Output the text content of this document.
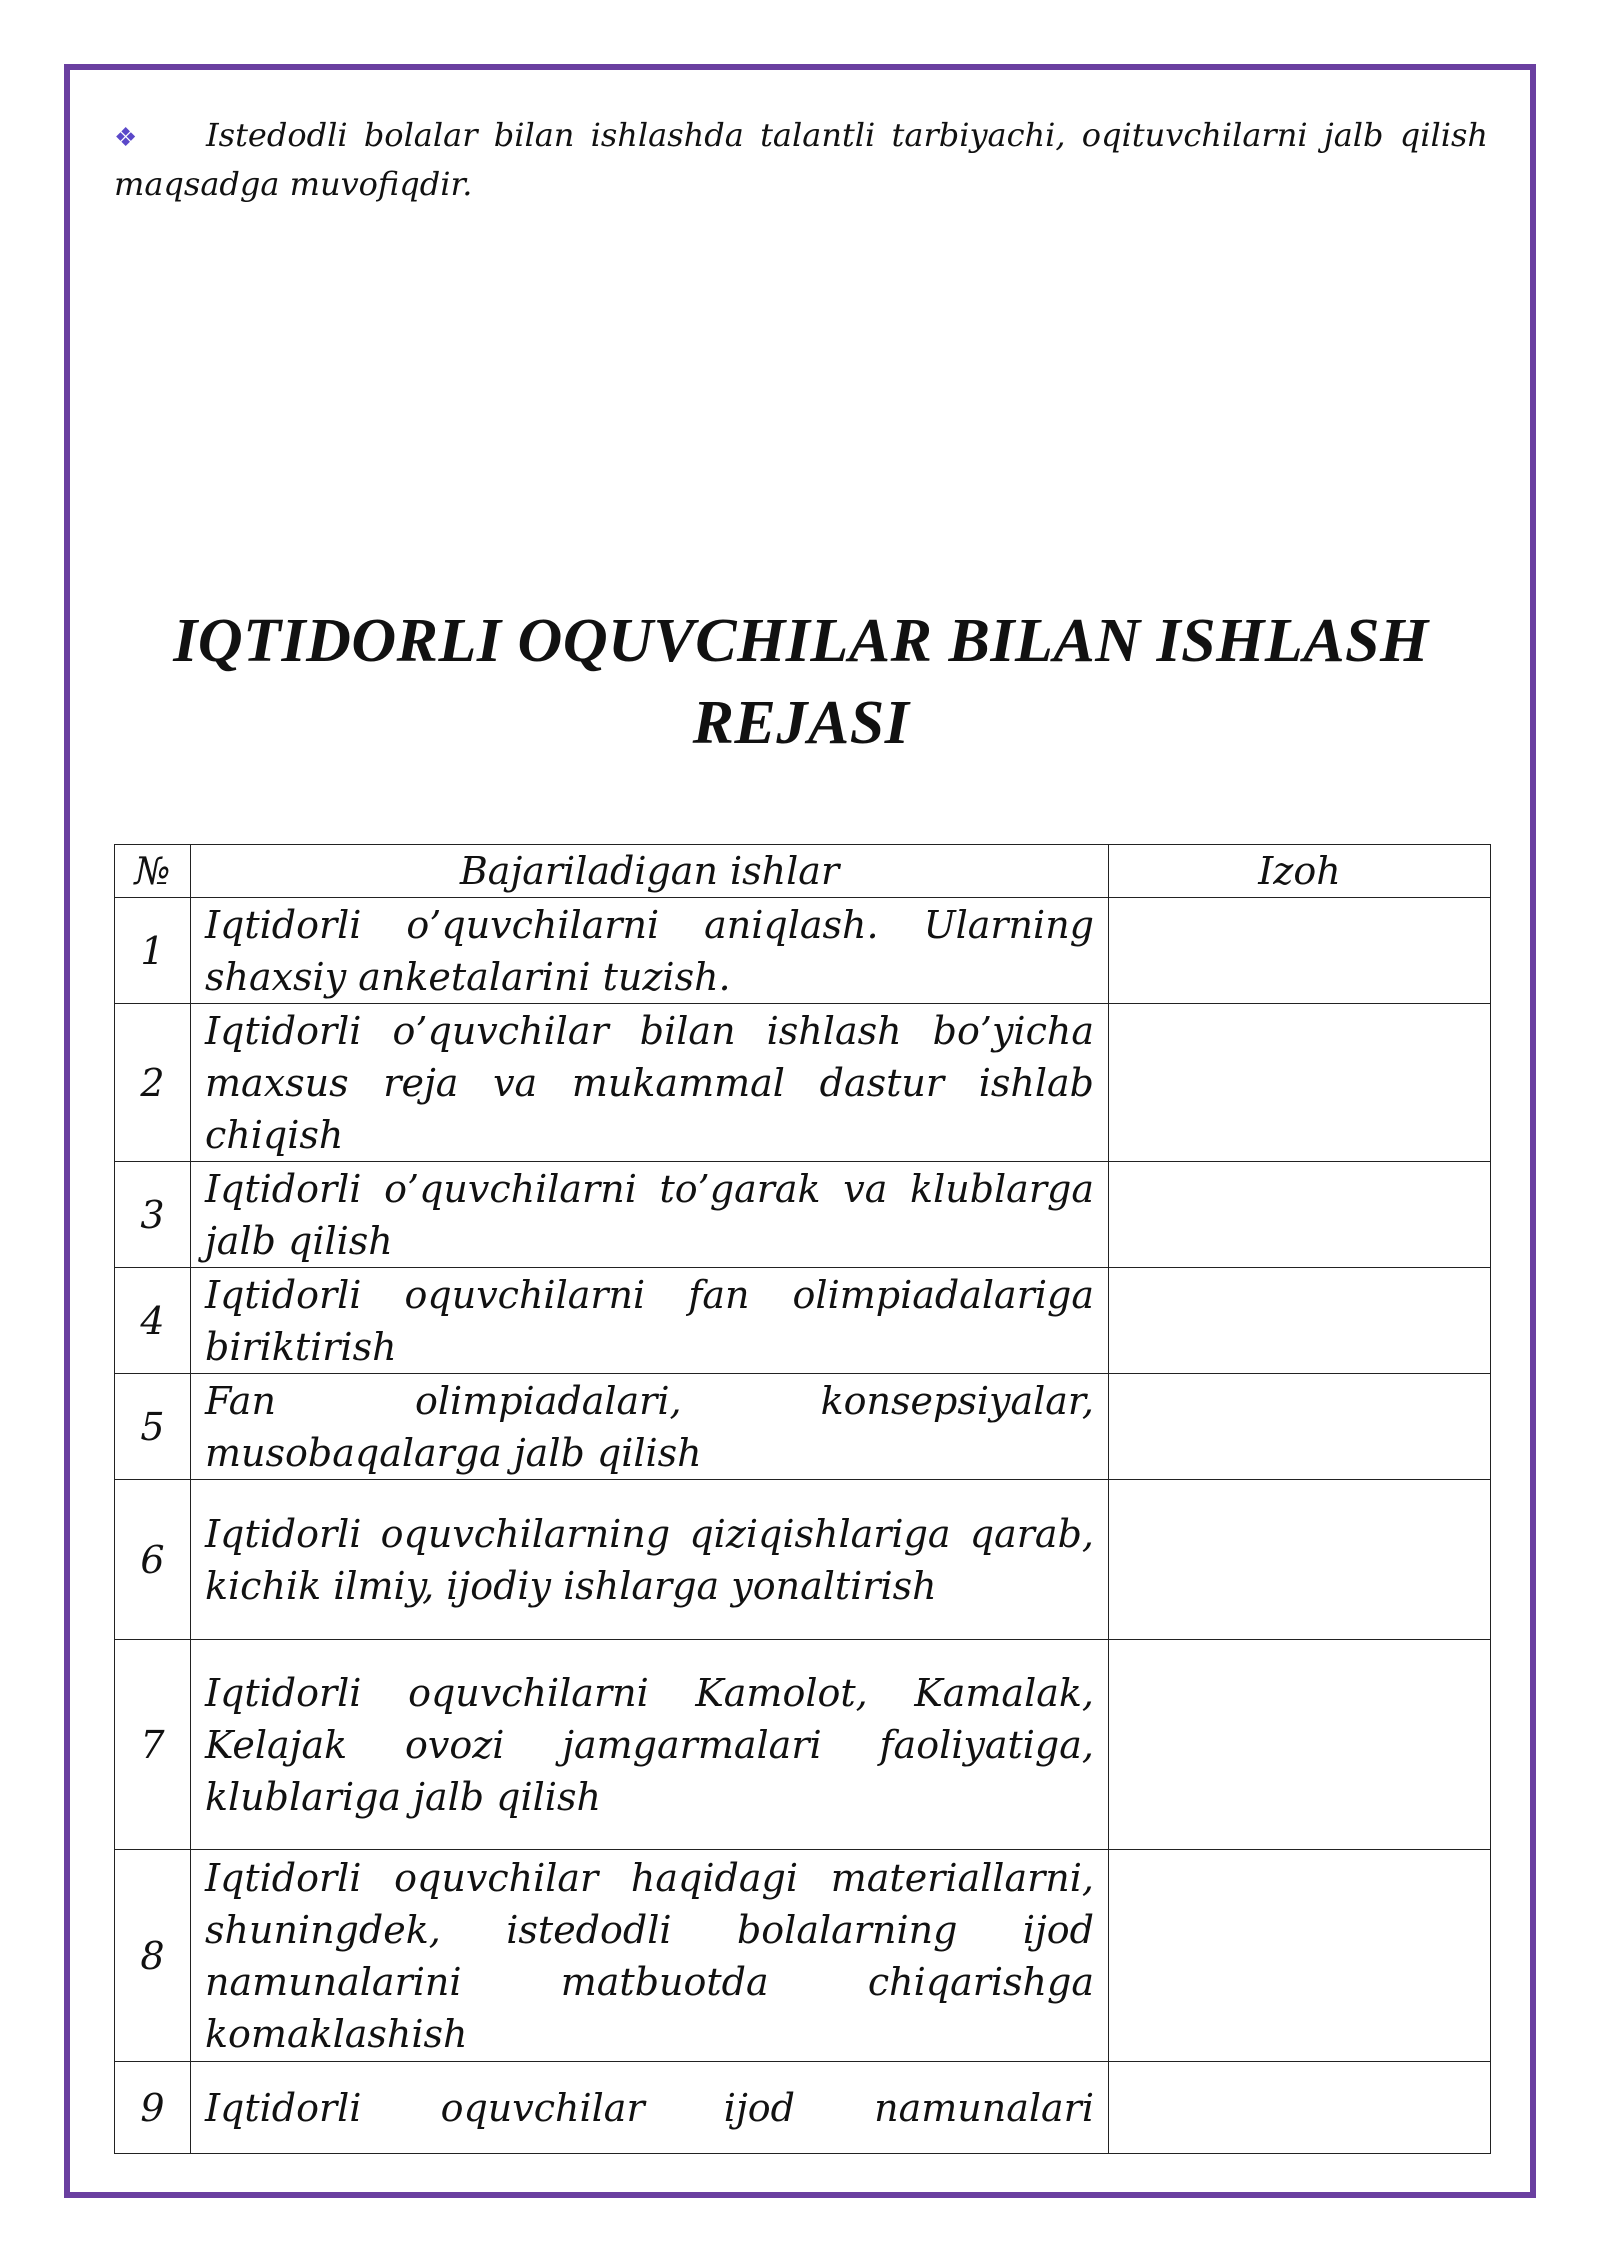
❖ Istedodli bolalar bilan ishlashda talantli tarbiyachi, oqituvchilarni jalb qilish maqsadga muvofiqdir.

IQTIDORLI OQUVCHILAR BILAN ISHLASH REJASI
№	Bajariladigan ishlar	Izoh
1	Iqtidorli o’quvchilarni aniqlash. Ularning shaxsiy anketalarini tuzish.	
2	Iqtidorli o’quvchilar bilan ishlash bo’yicha maxsus reja va mukammal dastur ishlab chiqish	
3	Iqtidorli o’quvchilarni to’garak va klublarga jalb qilish	
4	Iqtidorli oquvchilarni fan olimpiadalariga biriktirish	
5	Fan olimpiadalari, konsepsiyalar, musobaqalarga jalb qilish	
6	Iqtidorli oquvchilarning qiziqishlariga qarab, kichik ilmiy, ijodiy ishlarga yonaltirish	
7	Iqtidorli oquvchilarni Kamolot, Kamalak, Kelajak ovozi jamgarmalari faoliyatiga, klublariga jalb qilish	
8	Iqtidorli oquvchilar haqidagi materiallarni, shuningdek, istedodli bolalarning ijod namunalarini matbuotda chiqarishga komaklashish	
9	Iqtidorli oquvchilar ijod namunalari	
